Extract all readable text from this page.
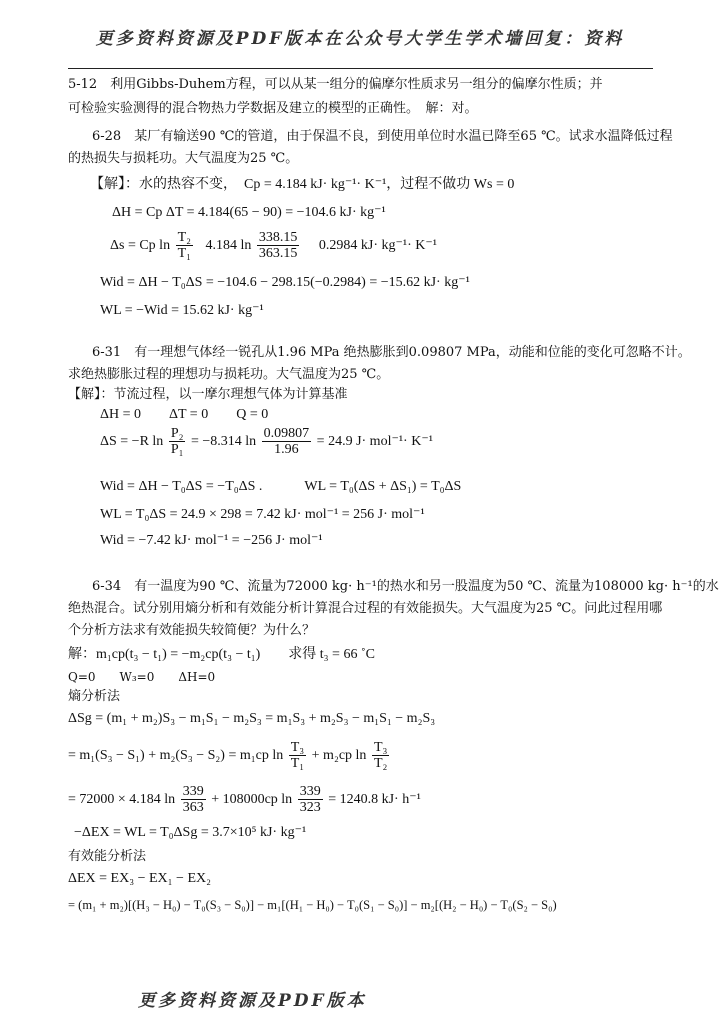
更多资料资源及PDF版本在公众号大学生学术墙回复：资料
5-12　利用Gibbs-Duhem方程，可以从某一组分的偏摩尔性质求另一组分的偏摩尔性质；并
可检验实验测得的混合物热力学数据及建立的模型的正确性。　解：对。
6-28　某厂有输送90 ℃的管道，由于保温不良，到使用单位时水温已降至65 ℃。试求水温降低过程
的热损失与损耗功。大气温度为25 ℃。
【解】：水的热容不变，　Cp = 4.184 kJ· kg⁻¹· K⁻¹，过程不做功 Ws = 0
ΔH = Cp ΔT = 4.184(65 − 90) = −104.6 kJ· kg⁻¹
Δs = Cp $\ln \frac{\text{T₂}}{\text{T₁}} 4.184$ $\ln \frac{338.15}{363.15} 0.2984$ kJ· kg⁻¹· K⁻¹
Wid = ΔH − T₀ΔS = −104.6 − 298.15(−0.2984) = −15.62 kJ· kg⁻¹
WL = −Wid = 15.62 kJ· kg⁻¹
6-31　有一理想气体经一锐孔从1.96 MPa 绝热膨胀到0.09807 MPa，动能和位能的变化可忽略不计。
求绝热膨胀过程的理想功与损耗功。大气温度为25 ℃。
【解】：节流过程，以一摩尔理想气体为计算基准
ΔH = 0　　ΔT = 0　　Q = 0
ΔS = −R $\ln \frac{\text{P₂}}{\text{P₁}} = -8.314$ $\ln \frac{0.09807}{1.96} = 24.9$ J· mol⁻¹· K⁻¹
Wid = ΔH − T₀ΔS = −T₀ΔS .　　　WL = T₀(ΔS + ΔS₁) = T₀ΔS
WL = T₀ΔS = 24.9 × 298 = 7.42 kJ· mol⁻¹ = 256 J· mol⁻¹
Wid = −7.42 kJ· mol⁻¹ = −256 J· mol⁻¹
6-34　有一温度为90 ℃、流量为72000 kg· h⁻¹的热水和另一股温度为50 ℃、流量为108000 kg· h⁻¹的水
绝热混合。试分别用熵分析和有效能分析计算混合过程的有效能损失。大气温度为25 ℃。问此过程用哪
个分析方法求有效能损失较简便？为什么？
解：m₁cp(t₃ − t₁) = −m₂cp(t₃ − t₁)　　求得 t₃ = 66 ˚C
Q=0　　W₃=0　　ΔH=0
熵分析法
ΔSg = (m₁ + m₂)S₃ − m₁S₁ − m₂S₃ = m₁S₃ + m₂S₃ − m₁S₁ − m₂S₃
= m₁(S₃ − S₁) + m₂(S₃ − S₂) = m₁cp $\ln \frac{\text{T₃}}{\text{T₁}} + m_2cp$ $\ln \frac{\text{T₃}}{\text{T₂}}$
= 72000 × 4.184 $\ln \frac{339}{363} + 108000cp$ $\ln \frac{339}{323} = 1240.8$ kJ· h⁻¹
−ΔEX = WL = T₀ΔSg = 3.7×10⁵ kJ· kg⁻¹
有效能分析法
ΔEX = EX₃ − EX₁ − EX₂
= (m₁ + m₂)[(H₃ − H₀) − T₀(S₃ − S₀)] − m₁[(H₁ − H₀) − T₀(S₁ − S₀)] − m₂[(H₂ − H₀) − T₀(S₂ − S₀)
更多资料资源及PDF版本
